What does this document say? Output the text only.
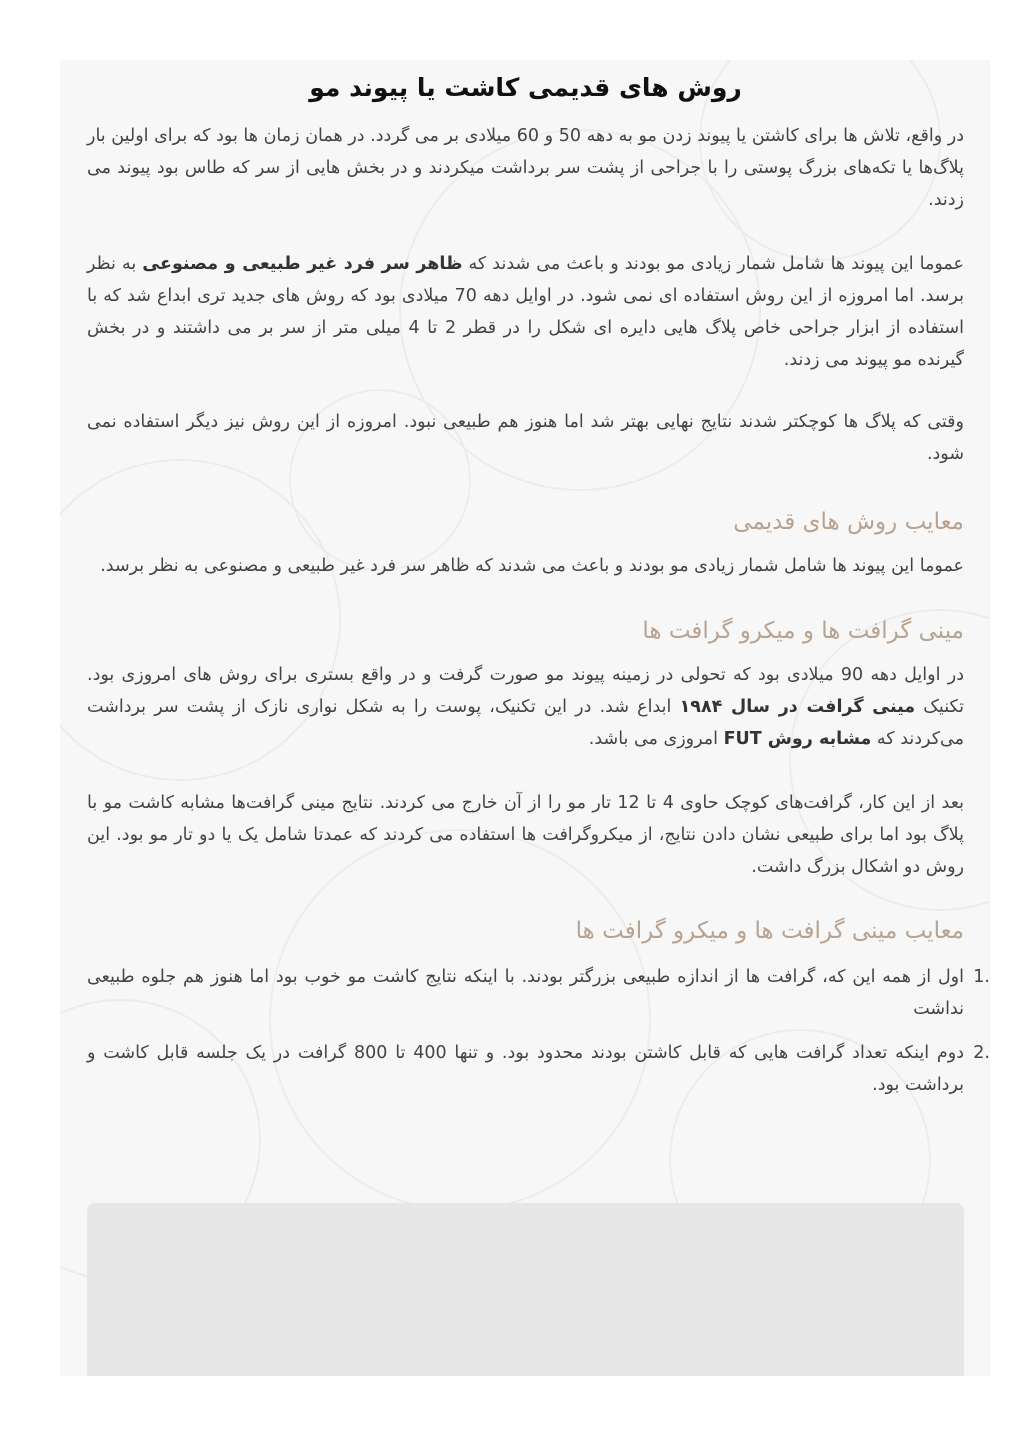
روش های قدیمی کاشت یا پیوند مو

در واقع، تلاش ها برای کاشتن یا پیوند زدن مو به دهه 50 و 60 میلادی بر می گردد. در همان زمان ها بود که برای اولین بار پلاگ‌ها یا تکه‌های بزرگ پوستی را با جراحی از پشت سر برداشت میکردند و در بخش هایی از سر که طاس بود پیوند می زدند.

عموما این پیوند ها شامل شمار زیادی مو بودند و باعث می شدند که ظاهر سر فرد غیر طبیعی و مصنوعی به نظر برسد. اما امروزه از این روش استفاده ای نمی شود. در اوایل دهه 70 میلادی بود که روش های جدید تری ابداع شد که با استفاده از ابزار جراحی خاص پلاگ هایی دایره ای شکل را در قطر 2 تا 4 میلی متر از سر بر می داشتند و در بخش گیرنده مو پیوند می زدند.

وقتی که پلاگ ها کوچکتر شدند نتایج نهایی بهتر شد اما هنوز هم طبیعی نبود. امروزه از این روش نیز دیگر استفاده نمی شود.

معایب روش های قدیمی

عموما این پیوند ها شامل شمار زیادی مو بودند و باعث می شدند که ظاهر سر فرد غیر طبیعی و مصنوعی به نظر برسد.

مینی گرافت ها و میکرو گرافت ها

در اوایل دهه 90 میلادی بود که تحولی در زمینه پیوند مو صورت گرفت و در واقع بستری برای روش های امروزی بود. تکنیک مینی گرافت در سال ۱۹۸۴ ابداع شد. در این تکنیک، پوست را به شکل نواری نازک از پشت سر برداشت می‌کردند که مشابه روش FUT امروزی می باشد.

بعد از این کار، گرافت‌های کوچک حاوی 4 تا 12 تار مو را از آن خارج می کردند. نتایج مینی گرافت‌ها مشابه کاشت مو با پلاگ بود اما برای طبیعی نشان دادن نتایج، از میکروگرافت ها استفاده می کردند که عمدتا شامل یک یا دو تار مو بود. این روش دو اشکال بزرگ داشت.

معایب مینی گرافت ها و میکرو گرافت ها
1.
اول از همه این که، گرافت ها از اندازه طبیعی بزرگتر بودند. با اینکه نتایج کاشت مو خوب بود اما هنوز هم جلوه طبیعی نداشت
2.
دوم اینکه تعداد گرافت هایی که قابل کاشتن بودند محدود بود. و تنها 400 تا 800 گرافت در یک جلسه قابل کاشت و برداشت بود.
